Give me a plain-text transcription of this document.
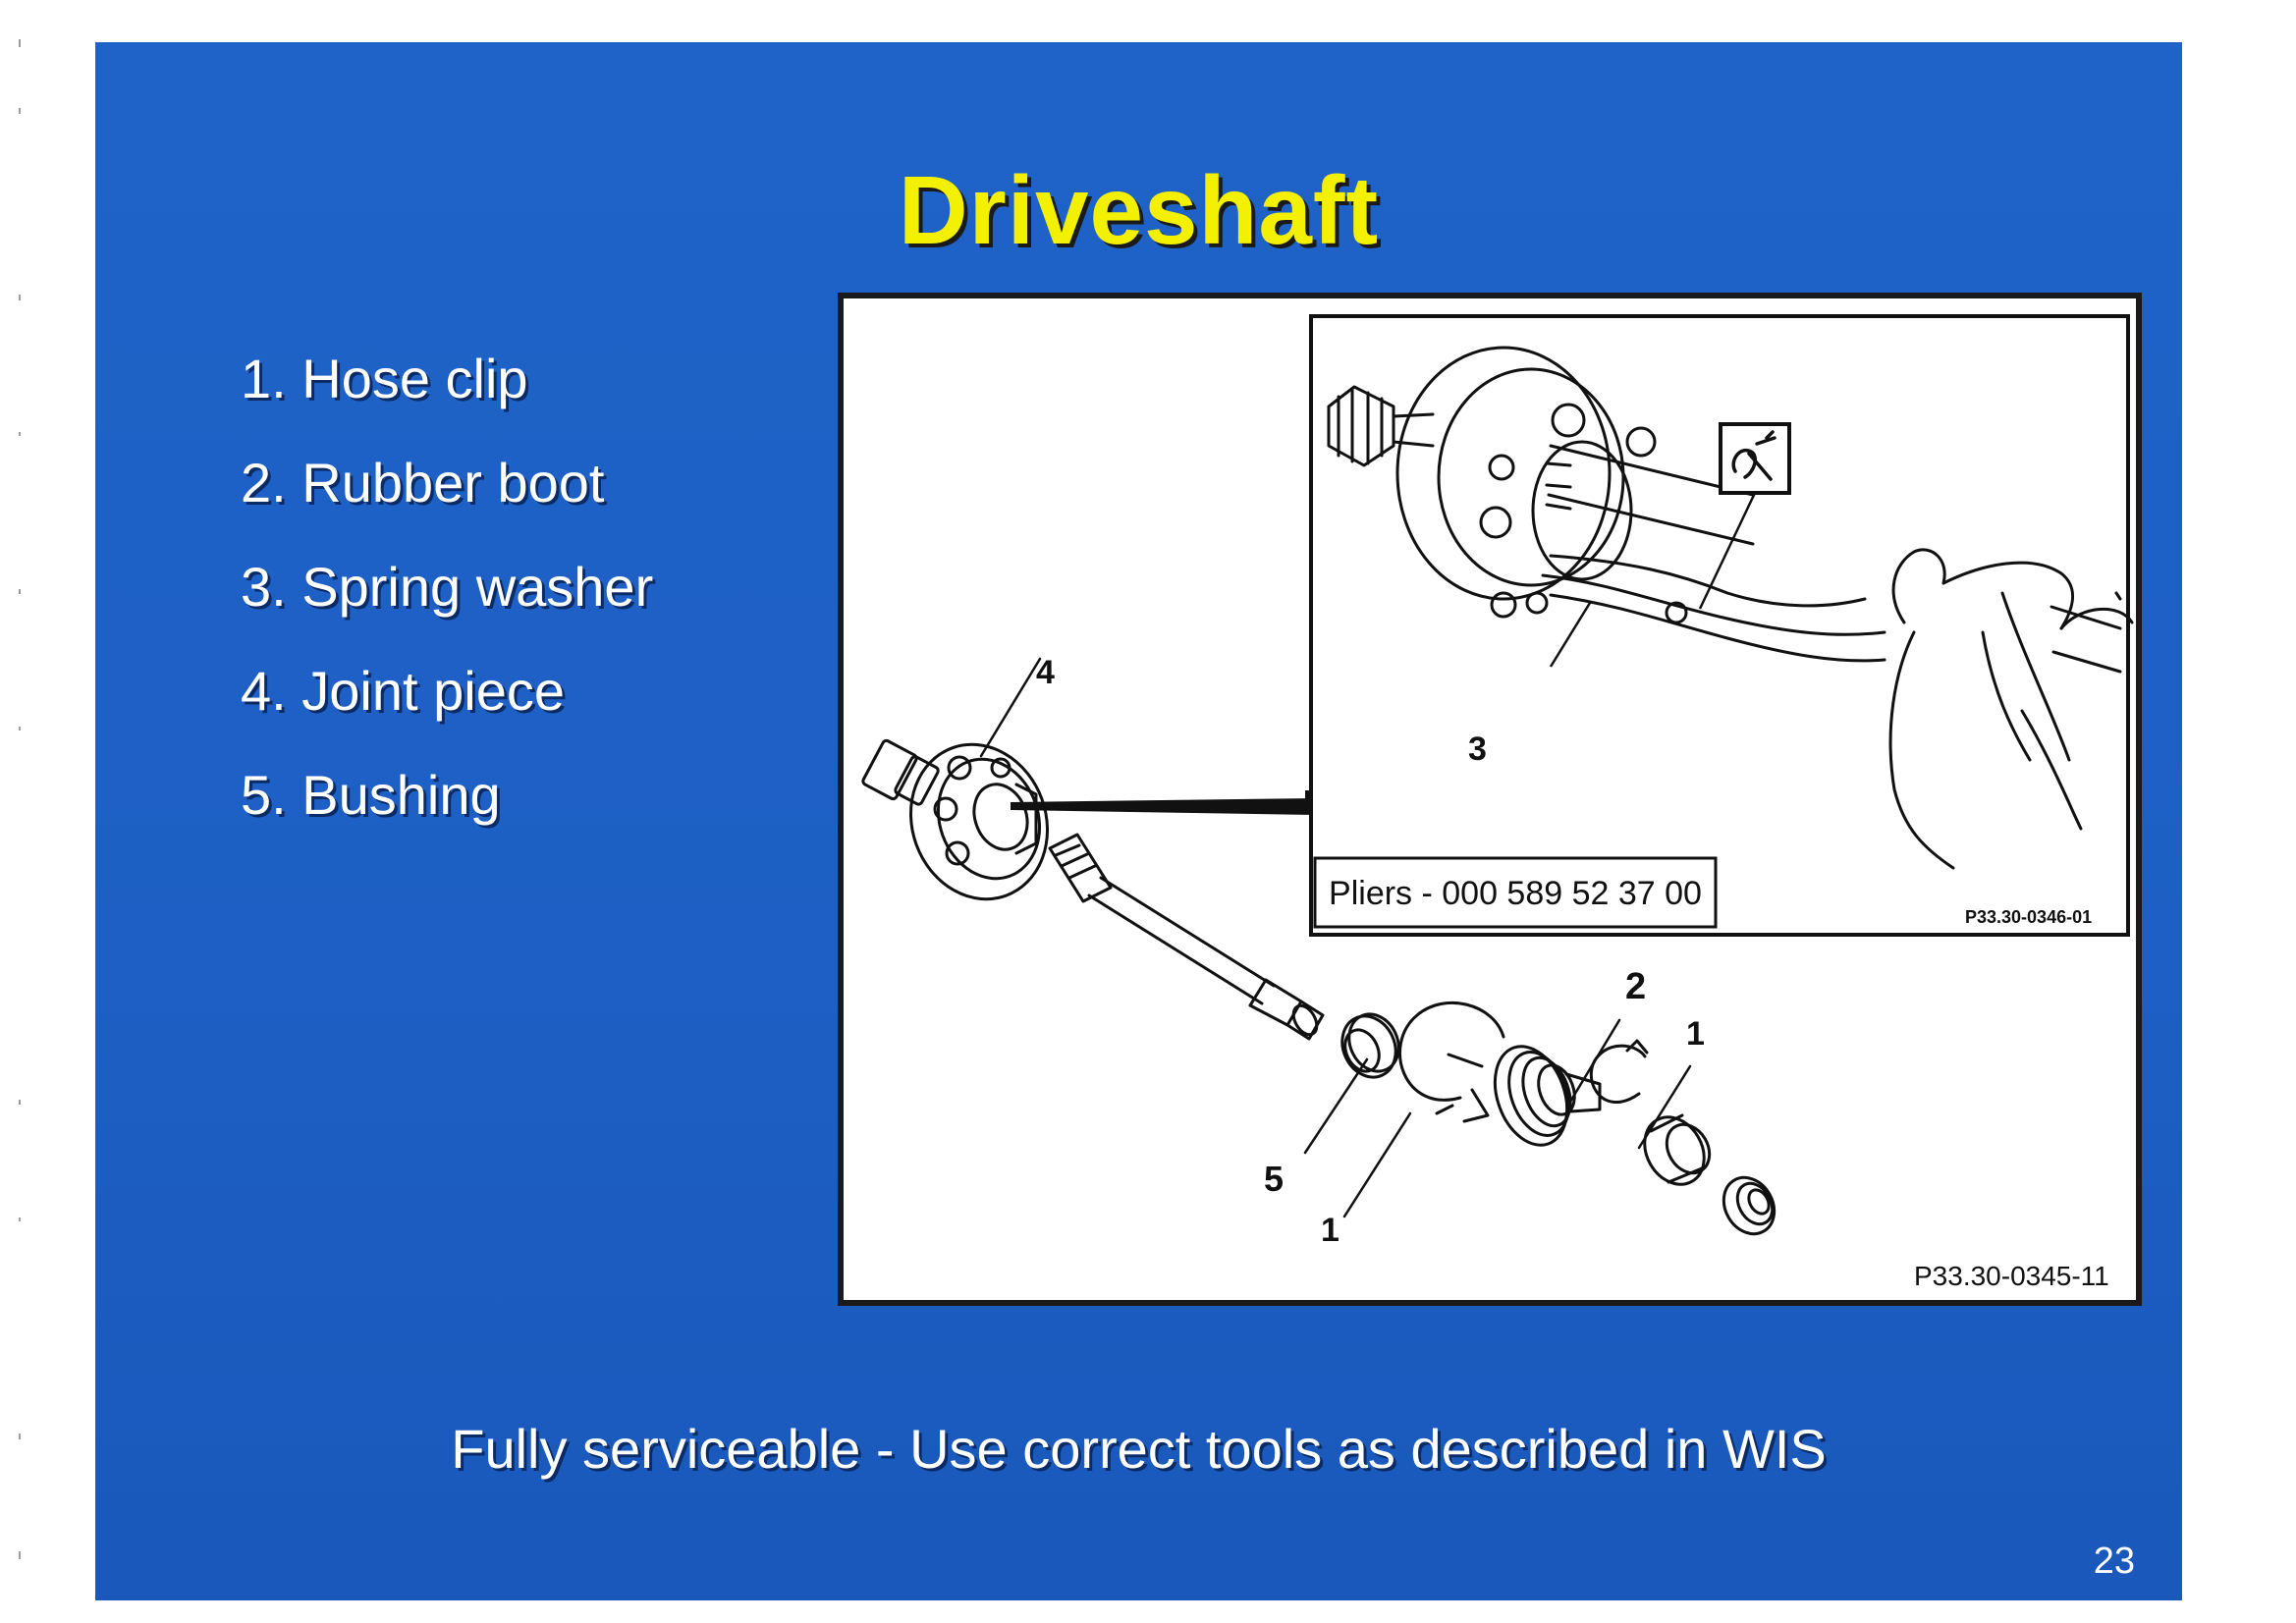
Driveshaft
1. Hose clip
2. Rubber boot
3. Spring washer
4. Joint piece
5. Bushing
Pliers - 000 589 52 37 00
P33.30-0346-01
P33.30-0345-11
4
3
2
1
5
1
Fully serviceable - Use correct tools as described in WIS
23
